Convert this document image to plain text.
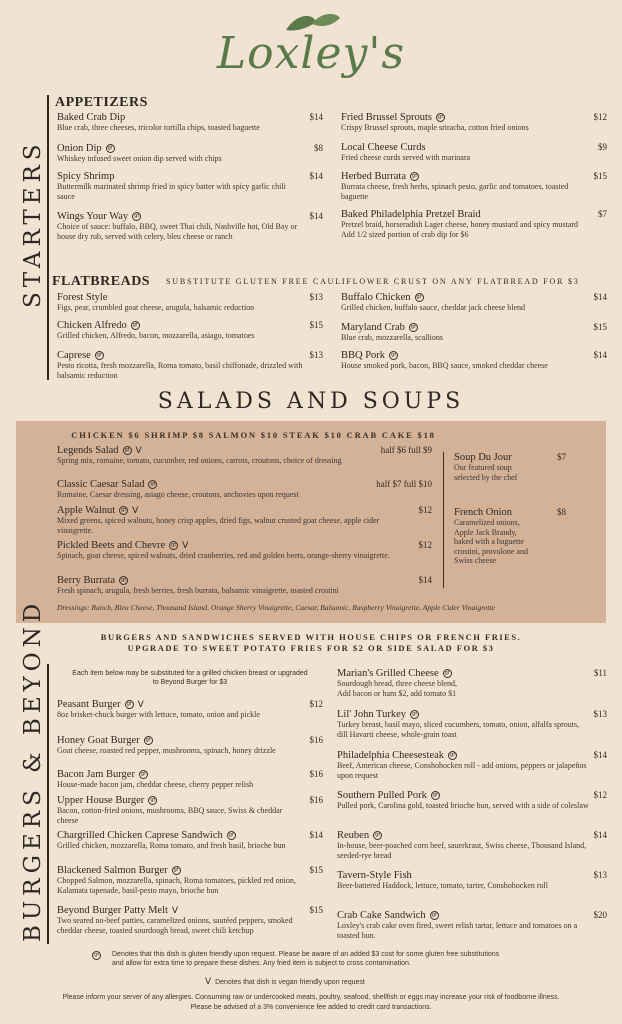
Loxley's
STARTERS
APPETIZERS
Baked Crab Dip
Blue crab, three cheeses, tricolor tortilla chips, toasted baguette
$14
Onion Dip	gf
Whiskey infused sweet onion dip served with chips
$8
Spicy Shrimp
Buttermilk marinated shrimp fried in spicy batter with spicy garlic chili sauce
$14
Wings Your Way	gf
Choice of sauce: buffalo, BBQ, sweet Thai chili, Nashville hot, Old Bay or house dry rub, served with celery, bleu cheese or ranch
$14
Fried Brussel Sprouts	gf
Crispy Brussel sprouts, maple sriracha, cotton fried onions
$12
Local Cheese Curds
Fried cheese curds served with marinara
$9
Herbed Burrata	gf
Burrata cheese, fresh herbs, spinach pesto, garlic and tomatoes, toasted baguette
$15
Baked Philadelphia Pretzel Braid
Pretzel braid, horseradish Lager cheese, honey mustard and spicy mustard
Add 1/2 sized portion of crab dip for $6
$7
FLATBREADS SUBSTITUTE GLUTEN FREE CAULIFLOWER CRUST ON ANY FLATBREAD FOR $3
Forest Style
Figs, pear, crumbled goat cheese, arugula, balsamic reduction
$13
Chicken Alfredo	gf
Grilled chicken, Alfredo, bacon, mozzarella, asiago, tomatoes
$15
Caprese	gf
Pesto ricotta, fresh mozzarella, Roma tomato, basil chiffonade, drizzled with balsamic reduction
$13
Buffalo Chicken	gf
Grilled chicken, buffalo sauce, cheddar jack cheese blend
$14
Maryland Crab	gf
Blue crab, mozzarella, scallions
$15
BBQ Pork	gf
House smoked pork, bacon, BBQ sauce, smoked cheddar cheese
$14
SALADS AND SOUPS
CHICKEN $6 SHRIMP $8 SALMON $10 STEAK $10 CRAB CAKE $18
Legends Salad	gf ᐯ
Spring mix, romaine, tomato, cucumber, red onions, carrots, croutons, choice of dressing
half $6 full $9
Classic Caesar Salad	gf
Romaine, Caesar dressing, asiago cheese, croutons, anchovies upon request
half $7 full $10
Apple Walnut	gf ᐯ
Mixed greens, spiced walnuts, honey crisp apples, dried figs, walnut crusted goat cheese, apple cider vinaigrette.
$12
Pickled Beets and Chevre	gf ᐯ
Spinach, goat cheese, spiced walnuts, dried cranberries, red and golden beets, orange-sherry vinaigrette.
$12
Berry Burrata	gf
Fresh spinach, arugula, fresh berries, fresh burrata, balsamic vinaigrette, toasted crostini
$14
Soup Du Jour
Our featured soup selected by the chef
$7
French Onion
Caramelized onions, Apple Jack Brandy, baked with a baguette crostini, provolone and Swiss cheese
$8
Dressings: Ranch, Bleu Cheese, Thousand Island, Orange Sherry Vinaigrette, Caesar, Balsamic, Raspberry Vinaigrette, Apple Cider Vinaigrette
BURGERS AND SANDWICHES SERVED WITH HOUSE CHIPS OR FRENCH FRIES.
UPGRADE TO SWEET POTATO FRIES FOR $2 OR SIDE SALAD FOR $3
BURGERS & BEYOND	Each item below may be substituted for a grilled chicken breast or upgraded to Beyond Burger for $3
Peasant Burger	gf ᐯ
8oz brisket-chuck burger with lettuce, tomato, onion and pickle
$12
Honey Goat Burger	gf
Goat cheese, roasted red pepper, mushrooms, spinach, honey drizzle
$16
Bacon Jam Burger	gf
House-made bacon jam, cheddar cheese, cherry pepper relish
$16
Upper House Burger	gf
Bacon, cotton-fried onions, mushrooms, BBQ sauce, Swiss & cheddar cheese
$16
Chargrilled Chicken Caprese Sandwich	gf
Grilled chicken, mozzarella, Roma tomato, and fresh basil, brioche bun
$14
Blackened Salmon Burger	gf
Chopped Salmon, mozzarella, spinach, Roma tomatoes, pickled red onion, Kalamata tapenade, basil-pesto mayo, brioche bun
$15
Beyond Burger Patty Melt ᐯ
Two seared no-beef patties, caramelized onions, sautéed peppers, smoked cheddar cheese, toasted sourdough bread, sweet chili ketchup
$15
Marian's Grilled Cheese	gf
Sourdough bread, three cheese blend,
Add bacon or ham $2, add tomato $1
$11
Lil' John Turkey	gf
Turkey breast, basil mayo, sliced cucumbers, tomato, onion, alfalfa sprouts, dill Havarti cheese, whole-grain toast
$13
Philadelphia Cheesesteak	gf
Beef, American cheese, Conshohocken roll - add onions, peppers or jalapeños upon request
$14
Southern Pulled Pork	gf
Pulled pork, Carolina gold, toasted brioche bun, served with a side of coleslaw
$12
Reuben	gf
In-house, beer-poached corn beef, sauerkraut, Swiss cheese, Thousand Island, seeded-rye bread
$14
Tavern-Style Fish
Beer-battered Haddock, lettuce, tomato, tarter, Conshohocken roll
$13
Crab Cake Sandwich	gf
Loxley's crab cake oven fired, sweet relish tartar, lettuce and tomatoes on a toasted bun.
$20
gf Denotes that this dish is gluten friendly upon request. Please be aware of an added $3 cost for some gluten free substitutions and allow for extra time to prepare these dishes. Any fried item is subject to cross contamination.
ᐯ Denotes that dish is vegan friendly upon request
Please inform your server of any allergies. Consuming raw or undercooked meats, poultry, seafood, shellfish or eggs may increase your risk of foodborne illness.
Please be advised of a 3% convenience fee added to credit card transactions.
